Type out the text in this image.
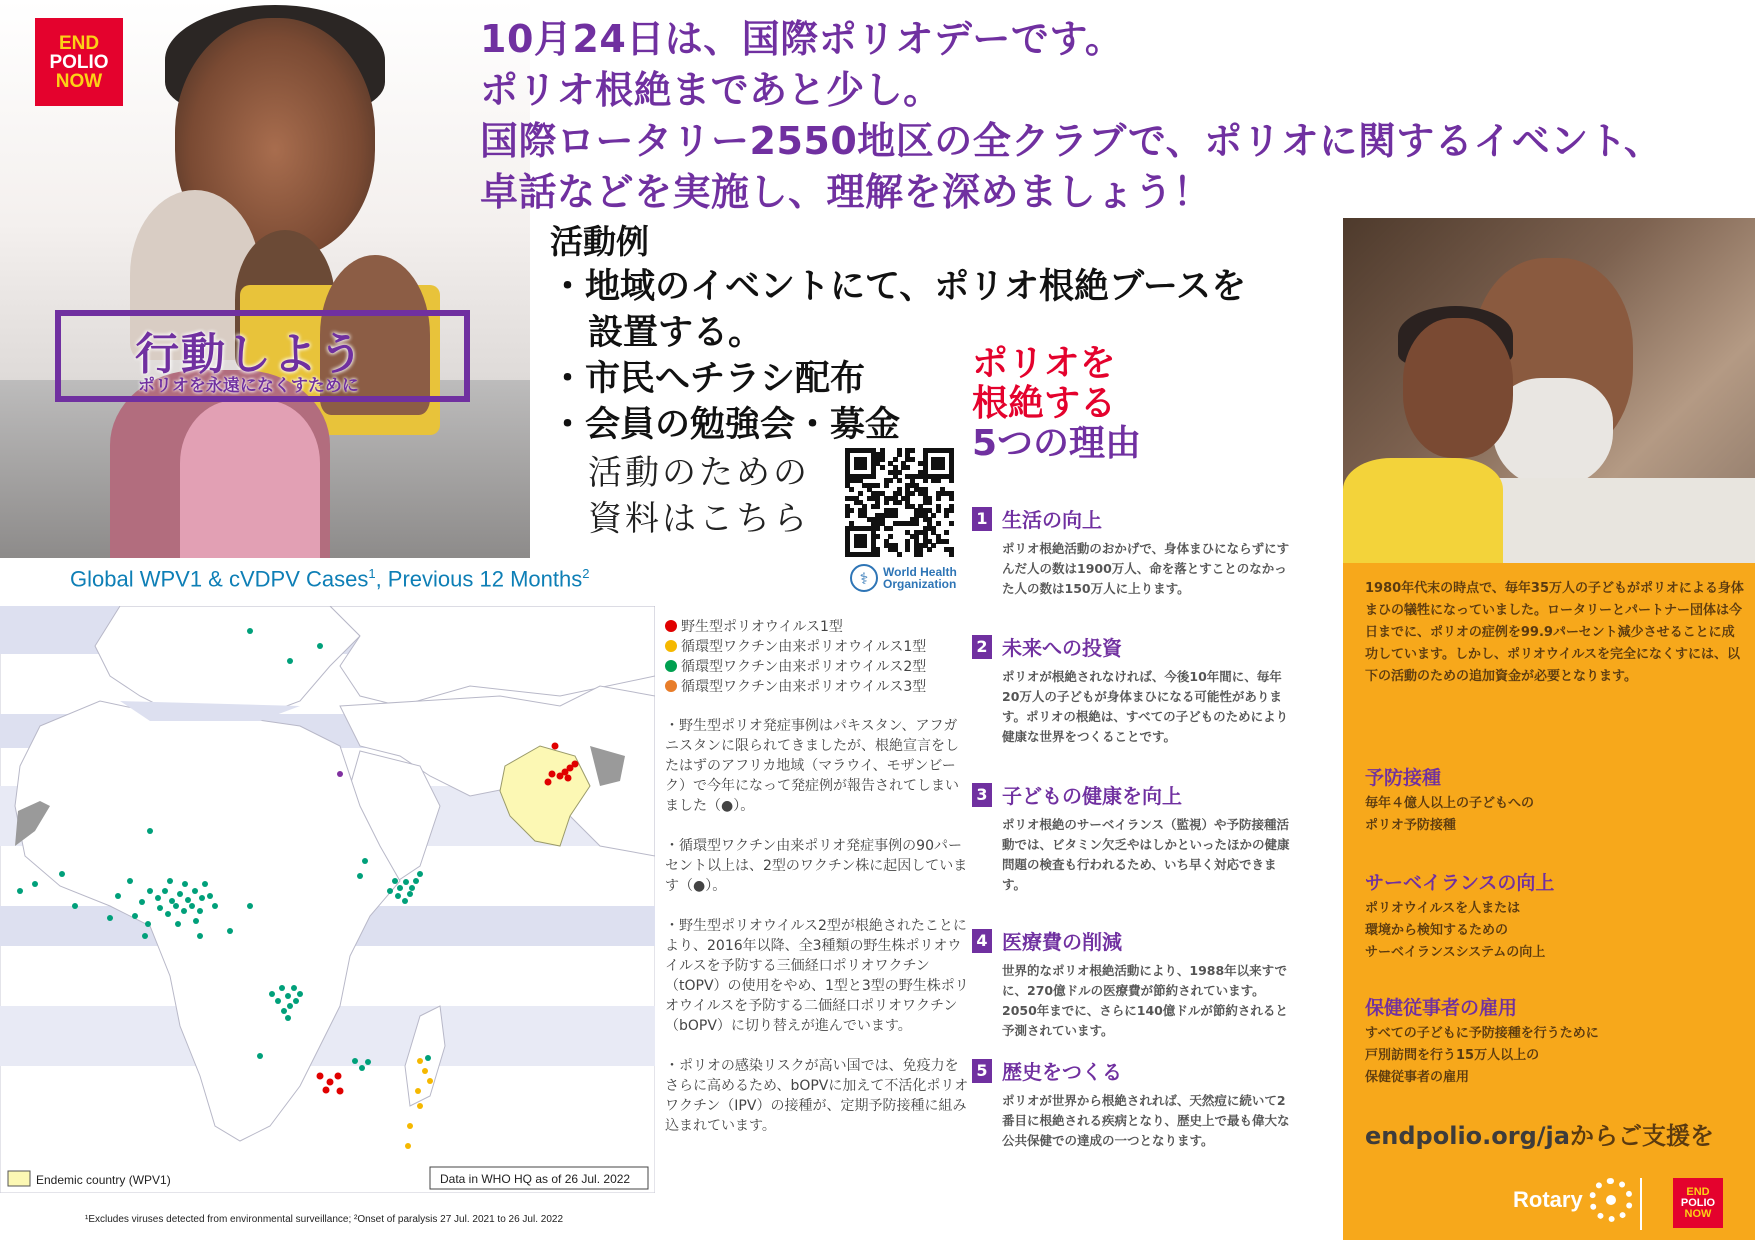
END
POLIO
NOW
行動しよう
ポリオを永遠になくすために
10月24日は、国際ポリオデーです。
ポリオ根絶まであと少し。
国際ロータリー2550地区の全クラブで、ポリオに関するイベント、
卓話などを実施し、理解を深めましょう！
活動例
・地域のイベントにて、ポリオ根絶ブースを
設置する。
・市民へチラシ配布
・会員の勉強会・募金
活動のための
資料はこちら
⚕	World Health
Organization
Global WPV1 & cVDPV Cases$^1$, Previous 12 Months$^2$
Endemic country (WPV1)	Data in WHO HQ as of 26 Jul. 2022
¹Excludes viruses detected from environmental surveillance; ²Onset of paralysis 27 Jul. 2021 to 26 Jul. 2022
野生型ポリオウイルス1型
循環型ワクチン由来ポリオウイルス1型
循環型ワクチン由来ポリオウイルス2型
循環型ワクチン由来ポリオウイルス3型

・野生型ポリオ発症事例はパキスタン、アフガニスタンに限られてきましたが、根絶宣言をしたはずのアフリカ地域（マラウイ、モザンビーク）で今年になって発症例が報告されてしまいました（●）。

・循環型ワクチン由来ポリオ発症事例の90パーセント以上は、2型のワクチン株に起因しています（●）。

・野生型ポリオウイルス2型が根絶されたことにより、2016年以降、全3種類の野生株ポリオウイルスを予防する三価経口ポリオワクチン（tOPV）の使用をやめ、1型と3型の野生株ポリオウイルスを予防する二価経口ポリオワクチン（bOPV）に切り替えが進んでいます。

・ポリオの感染リスクが高い国では、免疫力をさらに高めるため、bOPVに加えて不活化ポリオワクチン（IPV）の接種が、定期予防接種に組み込まれています。

ポリオを
根絶する
5つの理由
1 生活の向上
ポリオ根絶活動のおかげで、身体まひにならずにすんだ人の数は1900万人、命を落とすことのなかった人の数は150万人に上ります。
2 未来への投資
ポリオが根絶されなければ、今後10年間に、毎年20万人の子どもが身体まひになる可能性があります。ポリオの根絶は、すべての子どものためにより健康な世界をつくることです。
3 子どもの健康を向上
ポリオ根絶のサーベイランス（監視）や予防接種活動では、ビタミン欠乏やはしかといったほかの健康問題の検査も行われるため、いち早く対応できます。
4 医療費の削減
世界的なポリオ根絶活動により、1988年以来すでに、270億ドルの医療費が節約されています。2050年までに、さらに140億ドルが節約されると予測されています。
5 歴史をつくる
ポリオが世界から根絶されれば、天然痘に続いて2番目に根絶される疾病となり、歴史上で最も偉大な公共保健での達成の一つとなります。
1980年代末の時点で、毎年35万人の子どもがポリオによる身体まひの犠牲になっていました。ロータリーとパートナー団体は今日までに、ポリオの症例を99.9パーセント減少させることに成功しています。しかし、ポリオウイルスを完全になくすには、以下の活動のための追加資金が必要となります。
予防接種
毎年４億人以上の子どもへの
ポリオ予防接種
サーベイランスの向上
ポリオウイルスを人または
環境から検知するための
サーベイランスシステムの向上
保健従事者の雇用
すべての子どもに予防接種を行うために
戸別訪問を行う15万人以上の
保健従事者の雇用
endpolio.org/jaからご支援を
Rotary	END
POLIO
NOW
